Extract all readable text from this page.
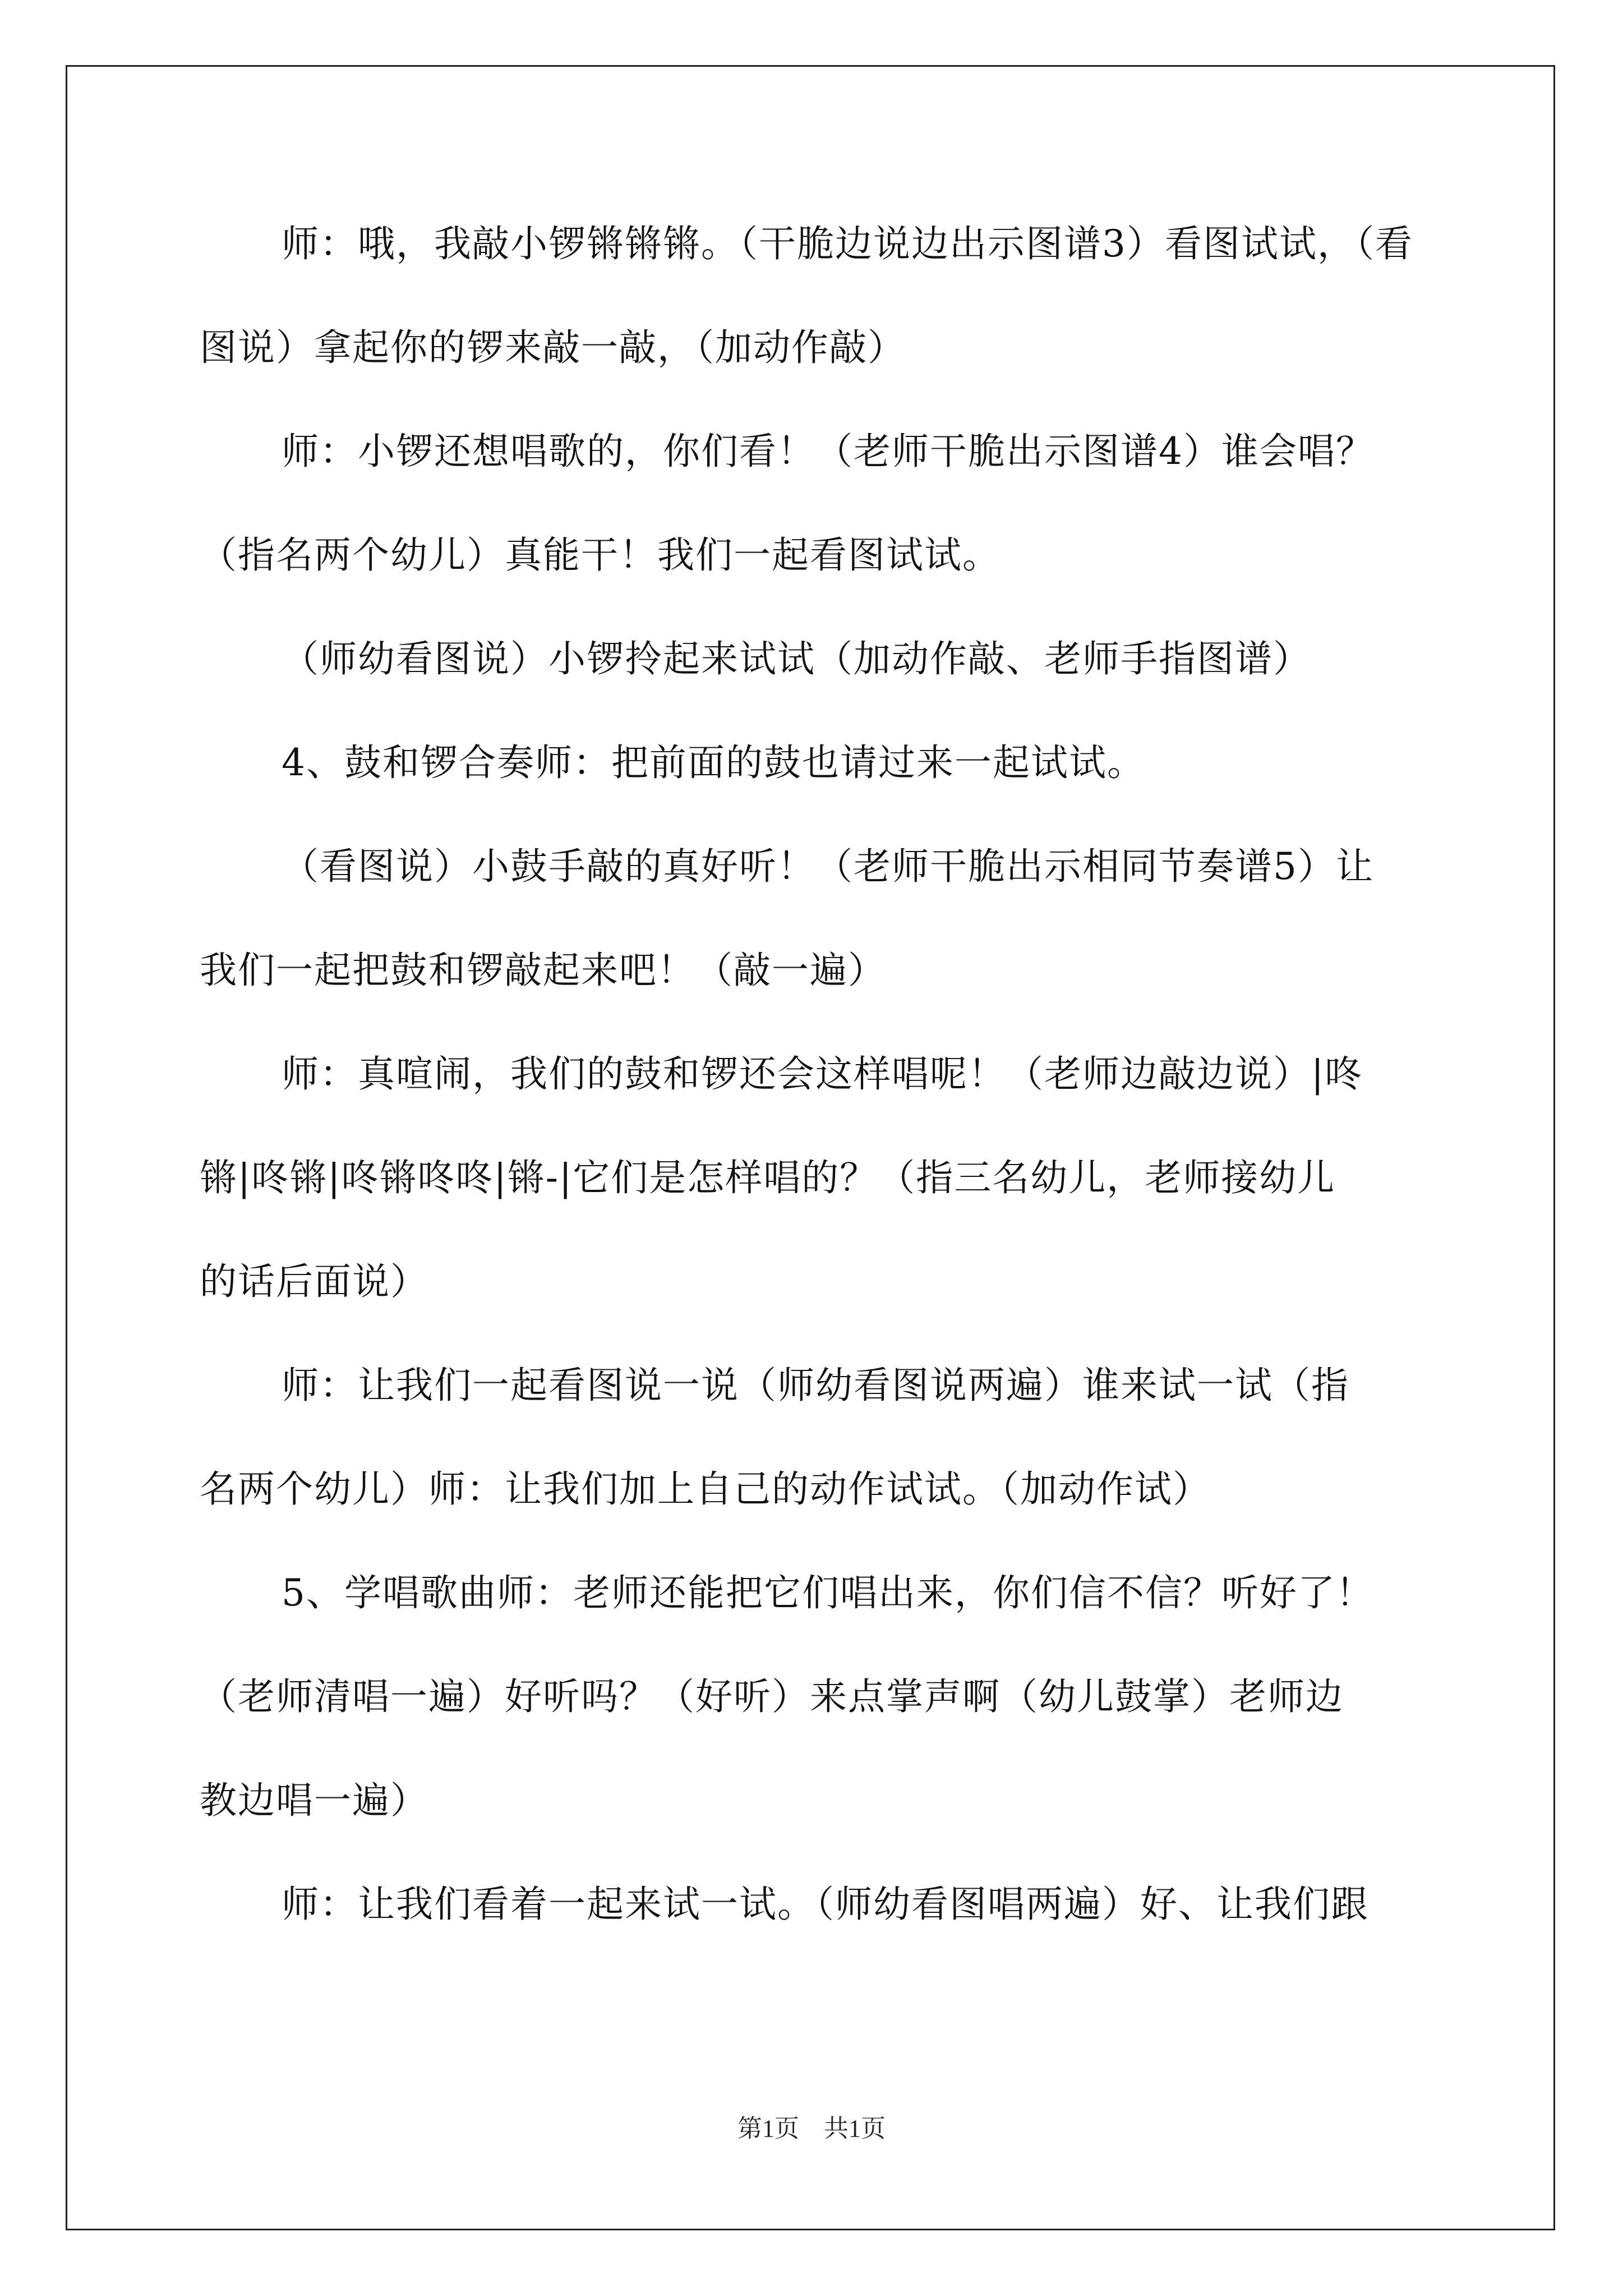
师：哦，我敲小锣锵锵锵。（干脆边说边出示图谱3）看图试试，（看
图说）拿起你的锣来敲一敲，（加动作敲）
师：小锣还想唱歌的，你们看！（老师干脆出示图谱4）谁会唱？
（指名两个幼儿）真能干！我们一起看图试试。
（师幼看图说）小锣拎起来试试（加动作敲、老师手指图谱）
4、鼓和锣合奏师：把前面的鼓也请过来一起试试。
（看图说）小鼓手敲的真好听！（老师干脆出示相同节奏谱5）让
我们一起把鼓和锣敲起来吧！（敲一遍）
师：真喧闹，我们的鼓和锣还会这样唱呢！（老师边敲边说）|咚
锵|咚锵|咚锵咚咚|锵-|它们是怎样唱的？（指三名幼儿，老师接幼儿
的话后面说）
师：让我们一起看图说一说（师幼看图说两遍）谁来试一试（指
名两个幼儿）师：让我们加上自己的动作试试。（加动作试）
5、学唱歌曲师：老师还能把它们唱出来，你们信不信？听好了！
（老师清唱一遍）好听吗？（好听）来点掌声啊（幼儿鼓掌）老师边
教边唱一遍）
师：让我们看着一起来试一试。（师幼看图唱两遍）好、让我们跟
第1页　共1页
